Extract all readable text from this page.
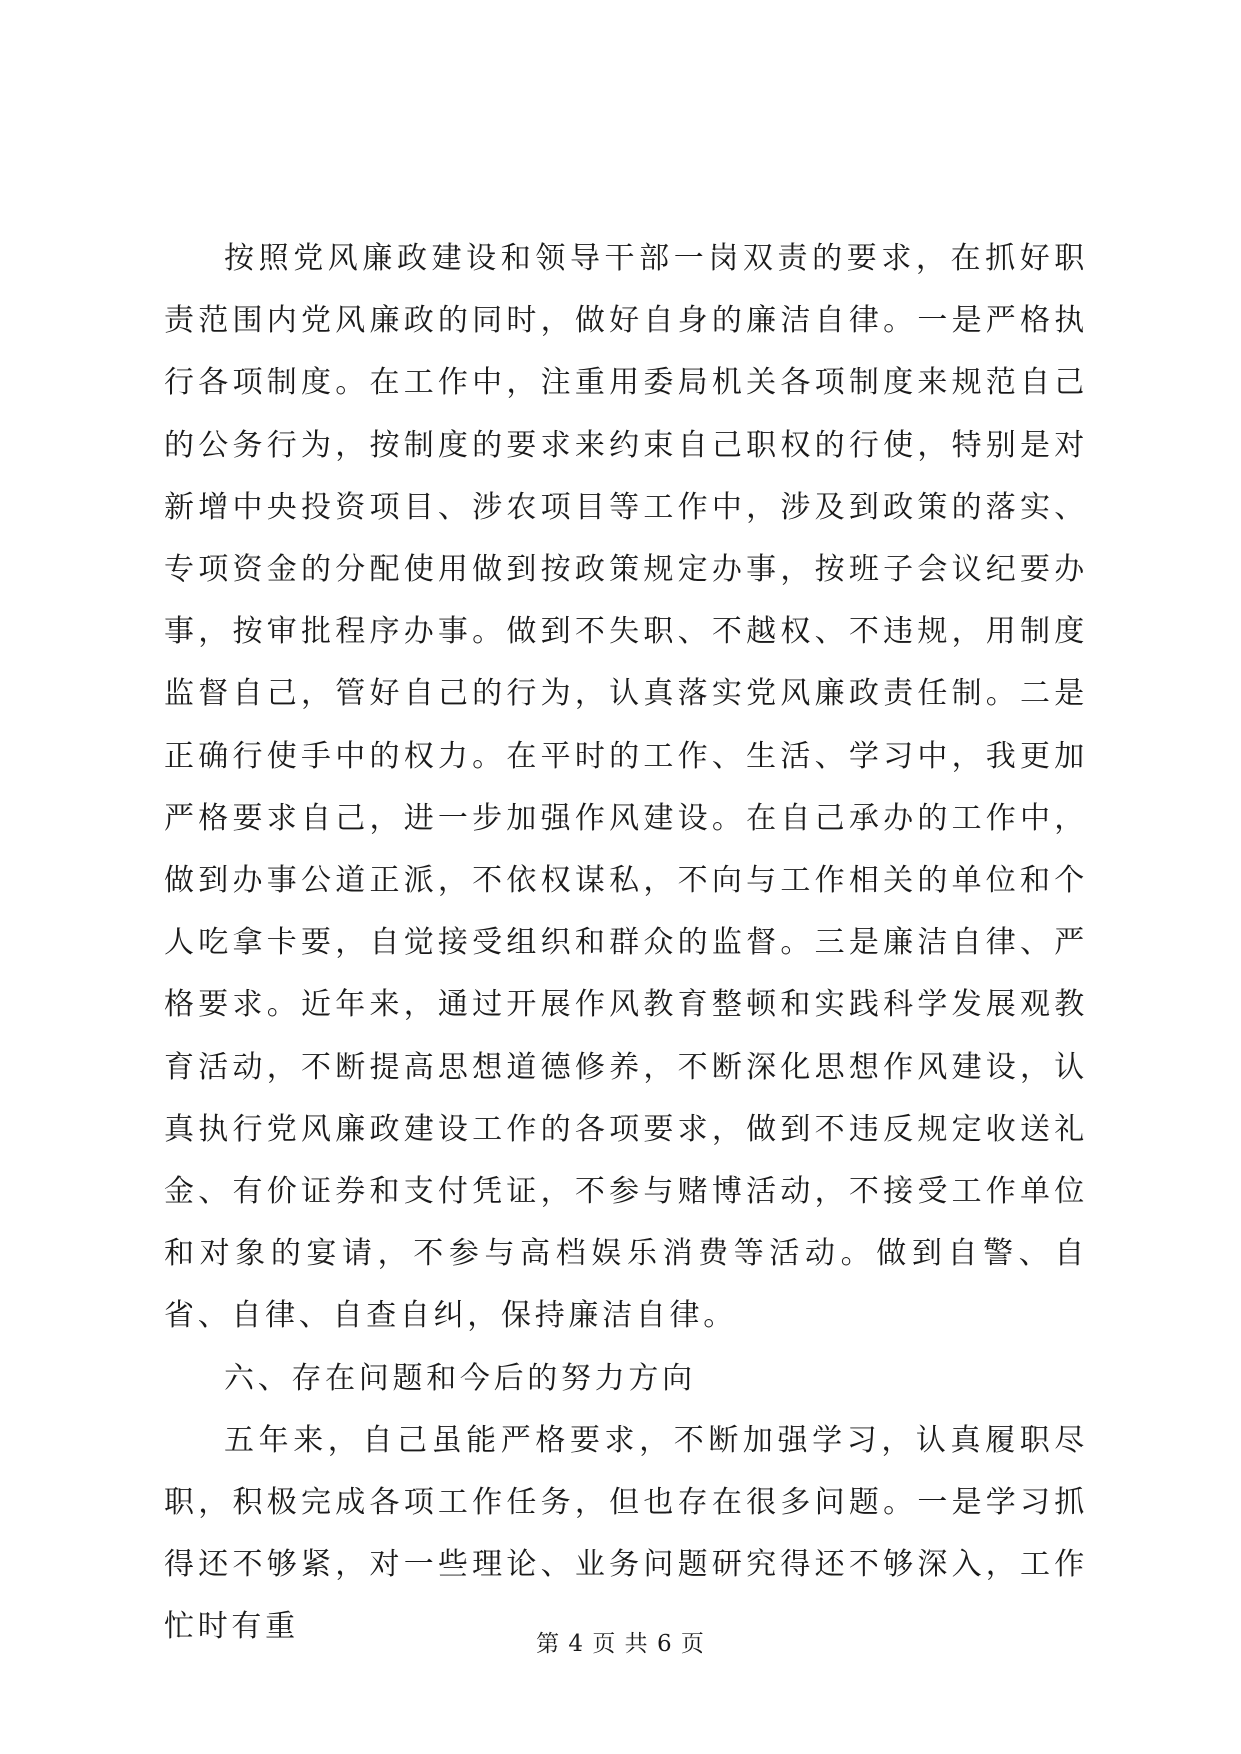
按照党风廉政建设和领导干部一岗双责的要求，在抓好职责范围内党风廉政的同时，做好自身的廉洁自律。一是严格执行各项制度。在工作中，注重用委局机关各项制度来规范自己的公务行为，按制度的要求来约束自己职权的行使，特别是对新增中央投资项目、涉农项目等工作中，涉及到政策的落实、专项资金的分配使用做到按政策规定办事，按班子会议纪要办事，按审批程序办事。做到不失职、不越权、不违规，用制度监督自己，管好自己的行为，认真落实党风廉政责任制。二是正确行使手中的权力。在平时的工作、生活、学习中，我更加严格要求自己，进一步加强作风建设。在自己承办的工作中，做到办事公道正派，不依权谋私，不向与工作相关的单位和个人吃拿卡要，自觉接受组织和群众的监督。三是廉洁自律、严格要求。近年来，通过开展作风教育整顿和实践科学发展观教育活动，不断提高思想道德修养，不断深化思想作风建设，认真执行党风廉政建设工作的各项要求，做到不违反规定收送礼金、有价证券和支付凭证，不参与赌博活动，不接受工作单位和对象的宴请，不参与高档娱乐消费等活动。做到自警、自省、自律、自查自纠，保持廉洁自律。

六、存在问题和今后的努力方向

五年来，自己虽能严格要求，不断加强学习，认真履职尽职，积极完成各项工作任务，但也存在很多问题。一是学习抓得还不够紧，对一些理论、业务问题研究得还不够深入，工作忙时有重	第 4 页 共 6 页
